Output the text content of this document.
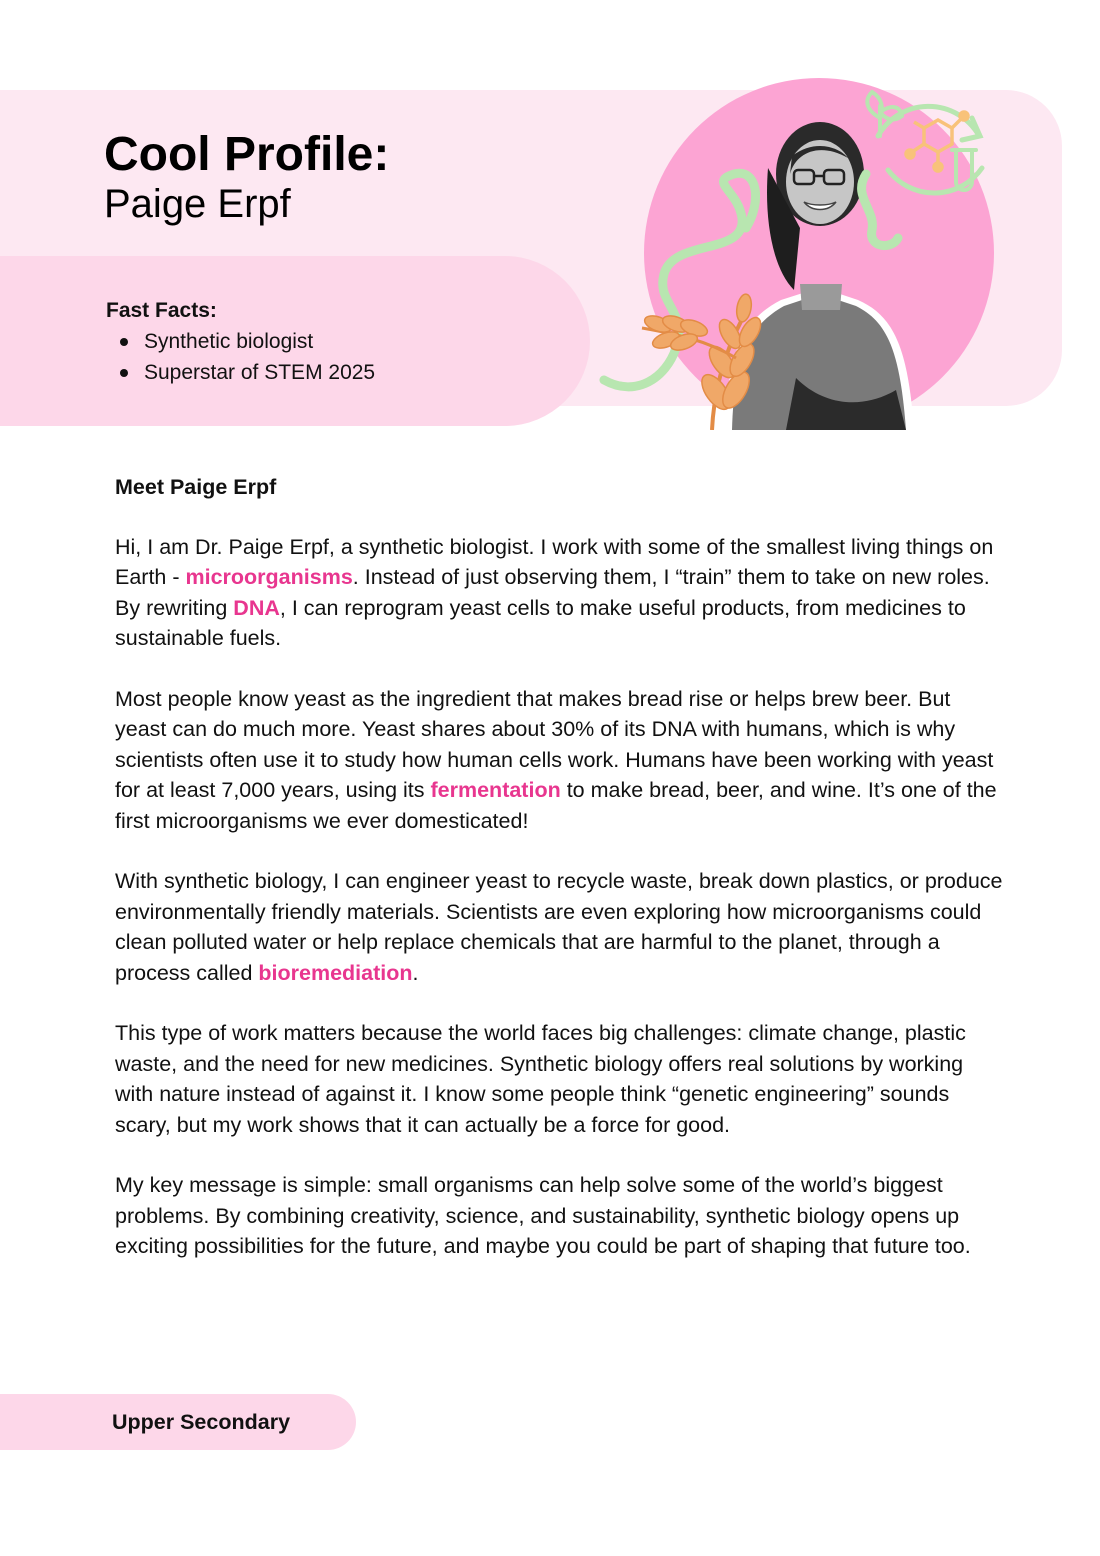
Cool Profile:
Paige Erpf
Fast Facts:
Synthetic biologist
Superstar of STEM 2025
Meet Paige Erpf

Hi, I am Dr. Paige Erpf, a synthetic biologist. I work with some of the smallest living things on Earth - microorganisms. Instead of just observing them, I “train” them to take on new roles. By rewriting DNA, I can reprogram yeast cells to make useful products, from medicines to sustainable fuels.

Most people know yeast as the ingredient that makes bread rise or helps brew beer. But yeast can do much more. Yeast shares about 30% of its DNA with humans, which is why scientists often use it to study how human cells work. Humans have been working with yeast for at least 7,000 years, using its fermentation to make bread, beer, and wine. It’s one of the first microorganisms we ever domesticated!

With synthetic biology, I can engineer yeast to recycle waste, break down plastics, or produce environmentally friendly materials. Scientists are even exploring how microorganisms could clean polluted water or help replace chemicals that are harmful to the planet, through a process called bioremediation.

This type of work matters because the world faces big challenges: climate change, plastic waste, and the need for new medicines. Synthetic biology offers real solutions by working with nature instead of against it. I know some people think “genetic engineering” sounds scary, but my work shows that it can actually be a force for good.

My key message is simple: small organisms can help solve some of the world’s biggest problems. By combining creativity, science, and sustainability, synthetic biology opens up exciting possibilities for the future, and maybe you could be part of shaping that future too.

Upper Secondary
